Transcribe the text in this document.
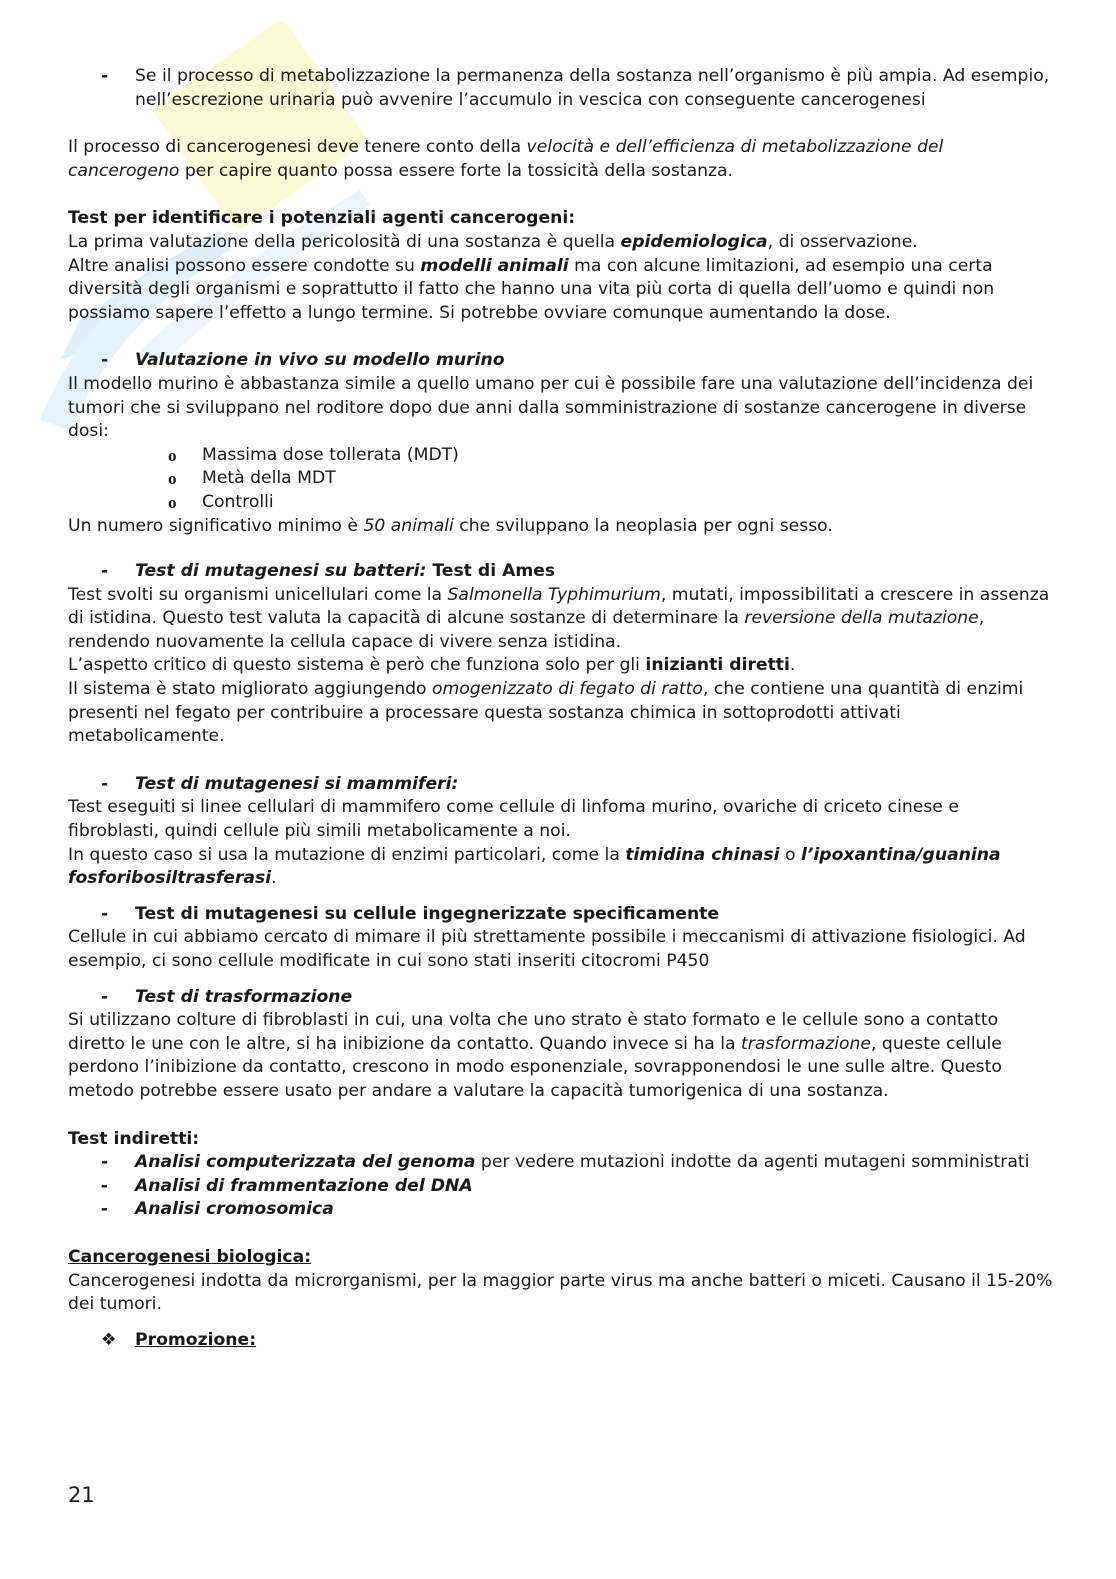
- Se il processo di metabolizzazione la permanenza della sostanza nell’organismo è più ampia. Ad esempio, nell’escrezione urinaria può avvenire l’accumulo in vescica con conseguente cancerogenesi

Il processo di cancerogenesi deve tenere conto della velocità e dell’efficienza di metabolizzazione del cancerogeno per capire quanto possa essere forte la tossicità della sostanza.

Test per identificare i potenziali agenti cancerogeni:

La prima valutazione della pericolosità di una sostanza è quella epidemiologica, di osservazione.

Altre analisi possono essere condotte su modelli animali ma con alcune limitazioni, ad esempio una certa diversità degli organismi e soprattutto il fatto che hanno una vita più corta di quella dell’uomo e quindi non possiamo sapere l’effetto a lungo termine. Si potrebbe ovviare comunque aumentando la dose.

- Valutazione in vivo su modello murino

Il modello murino è abbastanza simile a quello umano per cui è possibile fare una valutazione dell’incidenza dei tumori che si sviluppano nel roditore dopo due anni dalla somministrazione di sostanze cancerogene in diverse dosi:

o Massima dose tollerata (MDT)

o Metà della MDT

o Controlli

Un numero significativo minimo è 50 animali che sviluppano la neoplasia per ogni sesso.

- Test di mutagenesi su batteri: Test di Ames

Test svolti su organismi unicellulari come la Salmonella Typhimurium, mutati, impossibilitati a crescere in assenza di istidina. Questo test valuta la capacità di alcune sostanze di determinare la reversione della mutazione, rendendo nuovamente la cellula capace di vivere senza istidina.

L’aspetto critico di questo sistema è però che funziona solo per gli inizianti diretti.

Il sistema è stato migliorato aggiungendo omogenizzato di fegato di ratto, che contiene una quantità di enzimi presenti nel fegato per contribuire a processare questa sostanza chimica in sottoprodotti attivati metabolicamente.

- Test di mutagenesi si mammiferi:

Test eseguiti si linee cellulari di mammifero come cellule di linfoma murino, ovariche di criceto cinese e fibroblasti, quindi cellule più simili metabolicamente a noi.

In questo caso si usa la mutazione di enzimi particolari, come la timidina chinasi o l’ipoxantina/guanina fosforibosiltrasferasi.

- Test di mutagenesi su cellule ingegnerizzate specificamente

Cellule in cui abbiamo cercato di mimare il più strettamente possibile i meccanismi di attivazione fisiologici. Ad esempio, ci sono cellule modificate in cui sono stati inseriti citocromi P450

- Test di trasformazione

Si utilizzano colture di fibroblasti in cui, una volta che uno strato è stato formato e le cellule sono a contatto diretto le une con le altre, si ha inibizione da contatto. Quando invece si ha la trasformazione, queste cellule perdono l’inibizione da contatto, crescono in modo esponenziale, sovrapponendosi le une sulle altre. Questo metodo potrebbe essere usato per andare a valutare la capacità tumorigenica di una sostanza.

Test indiretti:

- Analisi computerizzata del genoma per vedere mutazioni indotte da agenti mutageni somministrati

- Analisi di frammentazione del DNA

- Analisi cromosomica

Cancerogenesi biologica:

Cancerogenesi indotta da microrganismi, per la maggior parte virus ma anche batteri o miceti. Causano il 15-20% dei tumori.

❖ Promozione:

21
